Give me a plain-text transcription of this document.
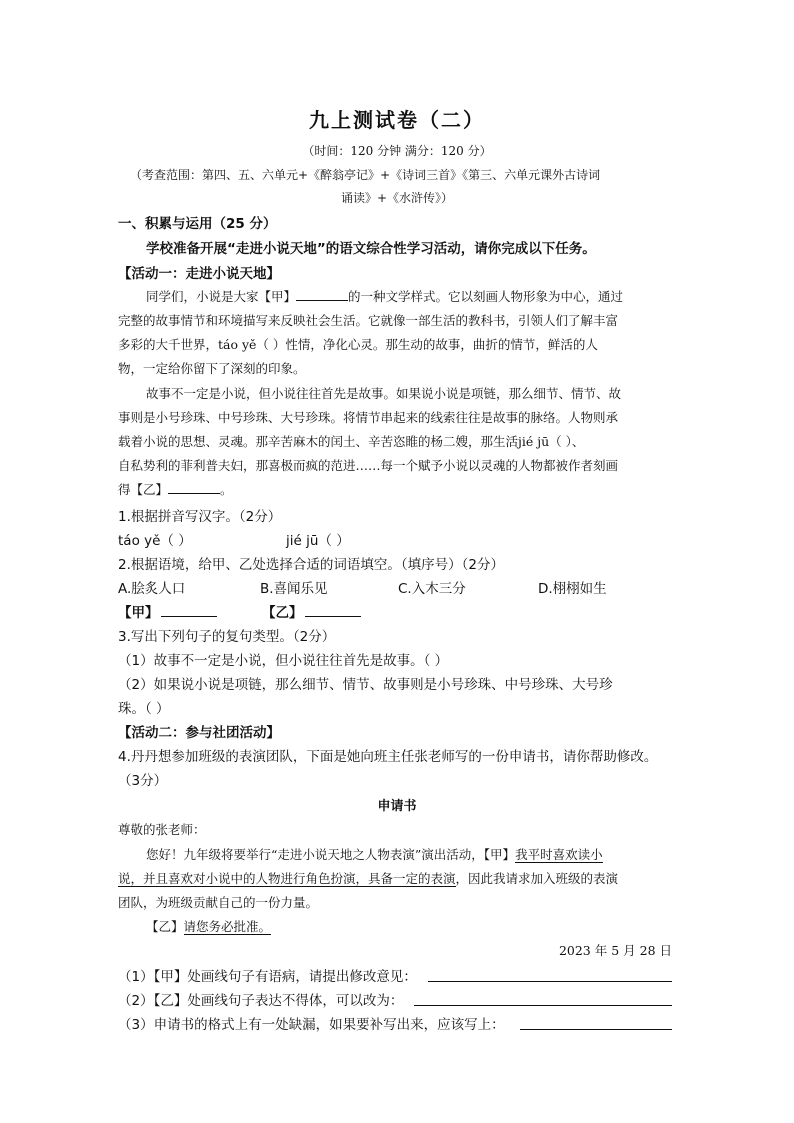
九上测试卷（二）
（时间：120 分钟 满分：120 分）
（考查范围：第四、五、六单元+《醉翁亭记》+《诗词三首》《第三、六单元课外古诗词
诵读》+《水浒传》）
一、积累与运用（25 分）
学校准备开展“走进小说天地”的语文综合性学习活动，请你完成以下任务。
【活动一：走进小说天地】
同学们，小说是大家【甲】	的一种文学样式。它以刻画人物形象为中心，通过
完整的故事情节和环境描写来反映社会生活。它就像一部生活的教科书，引领人们了解丰富
多彩的大千世界，táo yě（ ）性情，净化心灵。那生动的故事，曲折的情节，鲜活的人
物，一定给你留下了深刻的印象。
故事不一定是小说，但小说往往首先是故事。如果说小说是项链，那么细节、情节、故
事则是小号珍珠、中号珍珠、大号珍珠。将情节串起来的线索往往是故事的脉络。人物则承
载着小说的思想、灵魂。那辛苦麻木的闰土、辛苦恣睢的杨二嫂，那生活jié jū（ ）、
自私势利的菲利普夫妇，那喜极而疯的范进……每一个赋予小说以灵魂的人物都被作者刻画
得【乙】	。
1.根据拼音写汉字。（2分）
táo yě（ ）	jié jū（ ）
2.根据语境，给甲、乙处选择合适的词语填空。（填序号）（2分）
A.脍炙人口	B.喜闻乐见	C.入木三分	D.栩栩如生
【甲】	【乙】
3.写出下列句子的复句类型。（2分）
（1）故事不一定是小说，但小说往往首先是故事。（ ）
（2）如果说小说是项链，那么细节、情节、故事则是小号珍珠、中号珍珠、大号珍
珠。（ ）
【活动二：参与社团活动】
4.丹丹想参加班级的表演团队，下面是她向班主任张老师写的一份申请书，请你帮助修改。
（3分）
申请书
尊敬的张老师：
您好！九年级将要举行“走进小说天地之人物表演”演出活动，【甲】我平时喜欢读小
说，并且喜欢对小说中的人物进行角色扮演，具备一定的表演，因此我请求加入班级的表演
团队，为班级贡献自己的一份力量。
【乙】请您务必批准。
2023 年 5 月 28 日
（1）【甲】处画线句子有语病，请提出修改意见：
（2）【乙】处画线句子表达不得体，可以改为：
（3）申请书的格式上有一处缺漏，如果要补写出来，应该写上：
